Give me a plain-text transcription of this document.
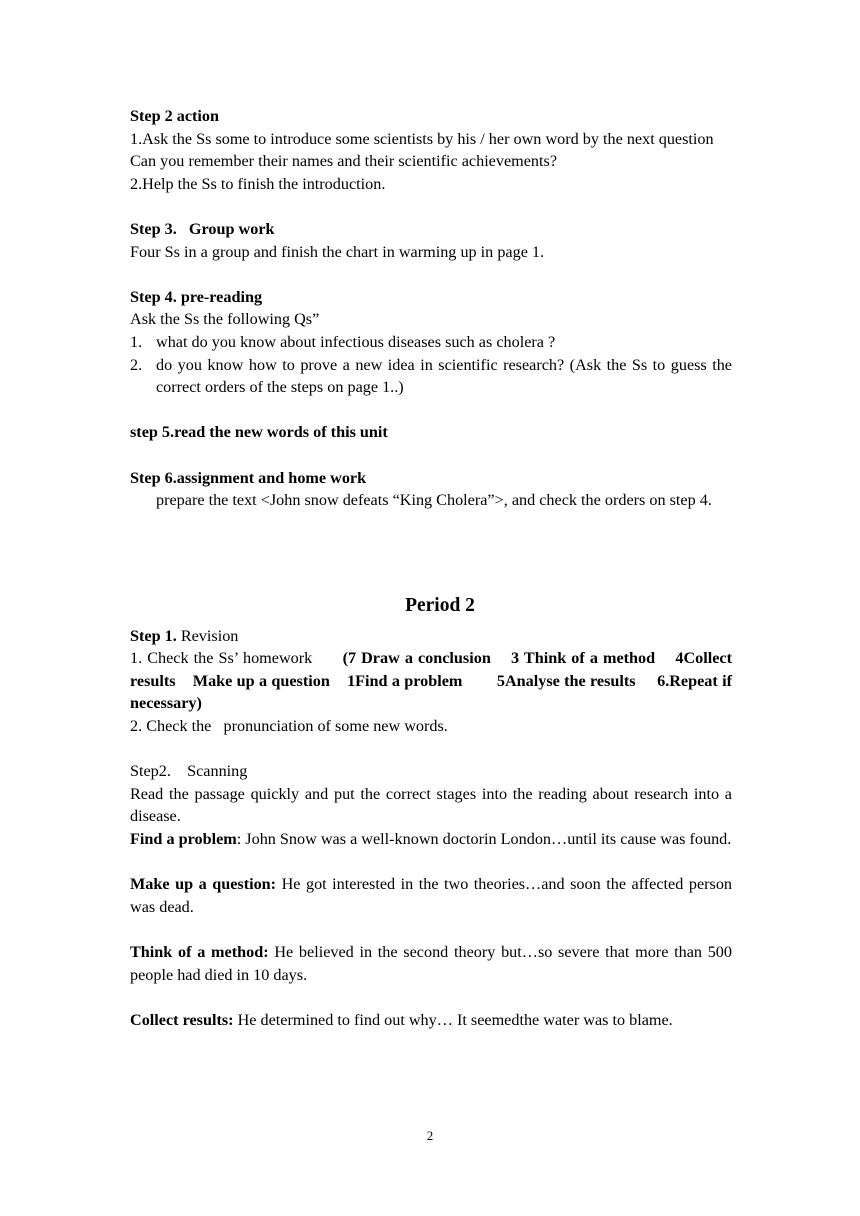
Step 2 action

1.Ask the Ss some to introduce some scientists by his / her own word by the next question

Can you remember their names and their scientific achievements?

2.Help the Ss to finish the introduction.

Step 3.   Group work

Four Ss in a group and finish the chart in warming up in page 1.

Step 4. pre-reading

Ask the Ss the following Qs”

1. what do you know about infectious diseases such as cholera ?
2. do you know how to prove a new idea in scientific research? (Ask the Ss to guess the correct orders of the steps on page 1..)

step 5.read the new words of this unit

Step 6.assignment and home work

prepare the text <John snow defeats “King Cholera”>, and check the orders on step 4.

Period 2

Step 1. Revision

1. Check the Ss’ homework      (7 Draw a conclusion    3 Think of a method    4Collect results    Make up a question    1Find a problem        5Analyse the results     6.Repeat if necessary)

2. Check the   pronunciation of some new words.

Step2.    Scanning

Read the passage quickly and put the correct stages into the reading about research into a disease.

Find a problem: John Snow was a well-known doctorin London…until its cause was found.

Make up a question: He got interested in the two theories…and soon the affected person was dead.

Think of a method: He believed in the second theory but…so severe that more than 500 people had died in 10 days.

Collect results: He determined to find out why… It seemedthe water was to blame.

2
